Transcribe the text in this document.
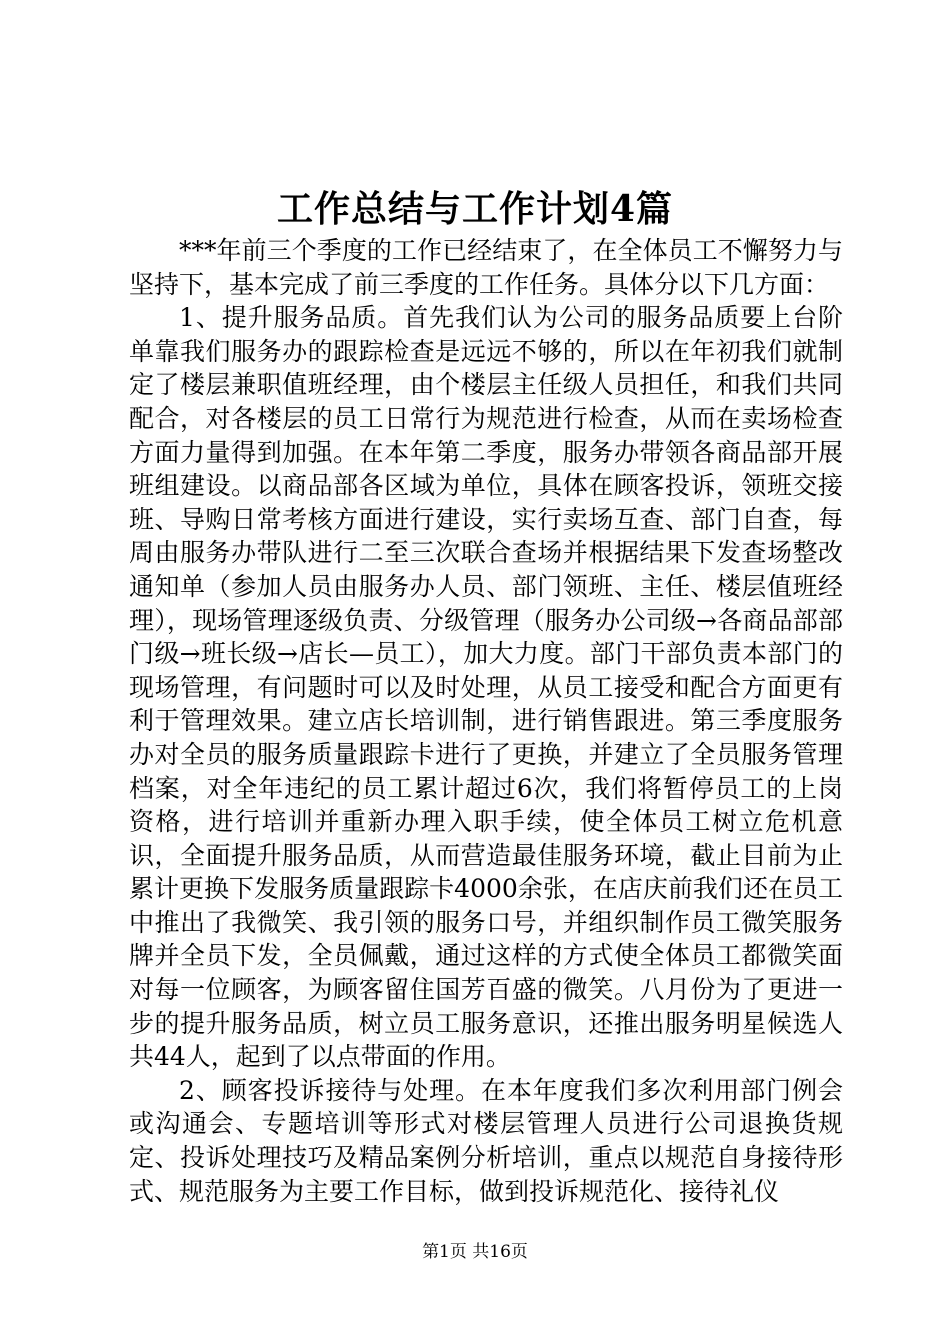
工作总结与工作计划4篇

***年前三个季度的工作已经结束了，在全体员工不懈努力与坚持下，基本完成了前三季度的工作任务。具体分以下几方面：

1、提升服务品质。首先我们认为公司的服务品质要上台阶单靠我们服务办的跟踪检查是远远不够的，所以在年初我们就制定了楼层兼职值班经理，由个楼层主任级人员担任，和我们共同配合，对各楼层的员工日常行为规范进行检查，从而在卖场检查方面力量得到加强。在本年第二季度，服务办带领各商品部开展班组建设。以商品部各区域为单位，具体在顾客投诉，领班交接班、导购日常考核方面进行建设，实行卖场互查、部门自查，每周由服务办带队进行二至三次联合查场并根据结果下发查场整改通知单（参加人员由服务办人员、部门领班、主任、楼层值班经理），现场管理逐级负责、分级管理（服务办公司级→各商品部部门级→班长级→店长—员工），加大力度。部门干部负责本部门的现场管理，有问题时可以及时处理，从员工接受和配合方面更有利于管理效果。建立店长培训制，进行销售跟进。第三季度服务办对全员的服务质量跟踪卡进行了更换，并建立了全员服务管理档案，对全年违纪的员工累计超过6次，我们将暂停员工的上岗资格，进行培训并重新办理入职手续，使全体员工树立危机意识，全面提升服务品质，从而营造最佳服务环境，截止目前为止累计更换下发服务质量跟踪卡4000余张，在店庆前我们还在员工中推出了我微笑、我引领的服务口号，并组织制作员工微笑服务牌并全员下发，全员佩戴，通过这样的方式使全体员工都微笑面对每一位顾客，为顾客留住国芳百盛的微笑。八月份为了更进一步的提升服务品质，树立员工服务意识，还推出服务明星候选人共44人，起到了以点带面的作用。

2、顾客投诉接待与处理。在本年度我们多次利用部门例会或沟通会、专题培训等形式对楼层管理人员进行公司退换货规定、投诉处理技巧及精品案例分析培训，重点以规范自身接待形式、规范服务为主要工作目标，做到投诉规范化、接待礼仪

第1页 共16页
